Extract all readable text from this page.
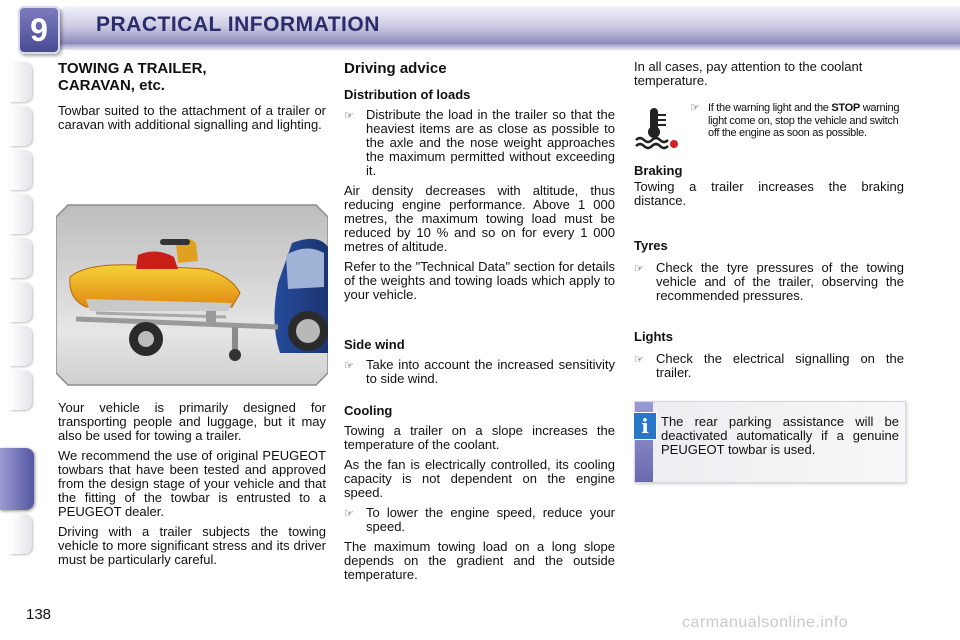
9	PRACTICAL INFORMATION
TOWING A TRAILER,
CARAVAN, etc.

Towbar suited to the attachment of a trailer or caravan with additional signalling and lighting.

Your vehicle is primarily designed for transporting people and luggage, but it may also be used for towing a trailer.

We recommend the use of original PEUGEOT towbars that have been tested and approved from the design stage of your vehicle and that the fitting of the towbar is entrusted to a PEUGEOT dealer.

Driving with a trailer subjects the towing vehicle to more significant stress and its driver must be particularly careful.

Driving advice
Distribution of loads
☞ Distribute the load in the trailer so that the heaviest items are as close as possible to the axle and the nose weight approaches the maximum permitted without exceeding it.

Air density decreases with altitude, thus reducing engine performance. Above 1 000 metres, the maximum towing load must be reduced by 10 % and so on for every 1 000 metres of altitude.

Refer to the "Technical Data" section for details of the weights and towing loads which apply to your vehicle.

Side wind
☞ Take into account the increased sensitivity to side wind.
Cooling

Towing a trailer on a slope increases the temperature of the coolant.

As the fan is electrically controlled, its cooling capacity is not dependent on the engine speed.

☞ To lower the engine speed, reduce your speed.

The maximum towing load on a long slope depends on the gradient and the outside temperature.

In all cases, pay attention to the coolant temperature.

☞ If the warning light and the STOP warning light come on, stop the vehicle and switch off the engine as soon as possible.
Braking

Towing a trailer increases the braking distance.

Tyres
☞ Check the tyre pressures of the towing vehicle and of the trailer, observing the recommended pressures.
Lights
☞ Check the electrical signalling on the trailer.
i The rear parking assistance will be deactivated automatically if a genuine PEUGEOT towbar is used.
138	carmanualsonline.info
